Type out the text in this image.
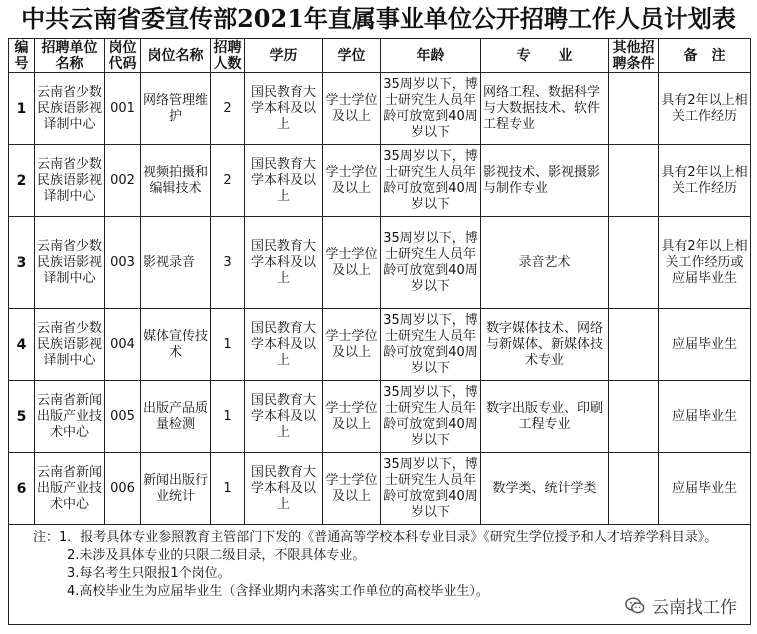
中共云南省委宣传部2021年直属事业单位公开招聘工作人员计划表
编号	招聘单位名称	岗位代码	岗位名称	招聘人数	学历	学位	年龄	专　　业	其他招聘条件	备　注
1	云南省少数民族语影视译制中心	001	网络管理维护	2	国民教育大学本科及以上	学士学位及以上	35周岁以下，博士研究生人员年龄可放宽到40周岁以下	网络工程、数据科学与大数据技术、软件工程专业		具有2年以上相关工作经历
2	云南省少数民族语影视译制中心	002	视频拍摄和编辑技术	2	国民教育大学本科及以上	学士学位及以上	35周岁以下，博士研究生人员年龄可放宽到40周岁以下	影视技术、影视摄影与制作专业		具有2年以上相关工作经历
3	云南省少数民族语影视译制中心	003	影视录音	3	国民教育大学本科及以上	学士学位及以上	35周岁以下，博士研究生人员年龄可放宽到40周岁以下	录音艺术		具有2年以上相关工作经历或应届毕业生
4	云南省少数民族语影视译制中心	004	媒体宣传技术	1	国民教育大学本科及以上	学士学位及以上	35周岁以下，博士研究生人员年龄可放宽到40周岁以下	数字媒体技术、网络与新媒体、新媒体技术专业		应届毕业生
5	云南省新闻出版产业技术中心	005	出版产品质量检测	1	国民教育大学本科及以上	学士学位及以上	35周岁以下，博士研究生人员年龄可放宽到40周岁以下	数字出版专业、印刷工程专业		应届毕业生
6	云南省新闻出版产业技术中心	006	新闻出版行业统计	1	国民教育大学本科及以上	学士学位及以上	35周岁以下，博士研究生人员年龄可放宽到40周岁以下	数学类、统计学类		应届毕业生

注：1．报考具体专业参照教育主管部门下发的《普通高等学校本科专业目录》《研究生学位授予和人才培养学科目录》。
2.未涉及具体专业的只限二级目录，不限具体专业。
3.每名考生只限报1个岗位。
4.高校毕业生为应届毕业生（含择业期内未落实工作单位的高校毕业生）。										
云南找工作
